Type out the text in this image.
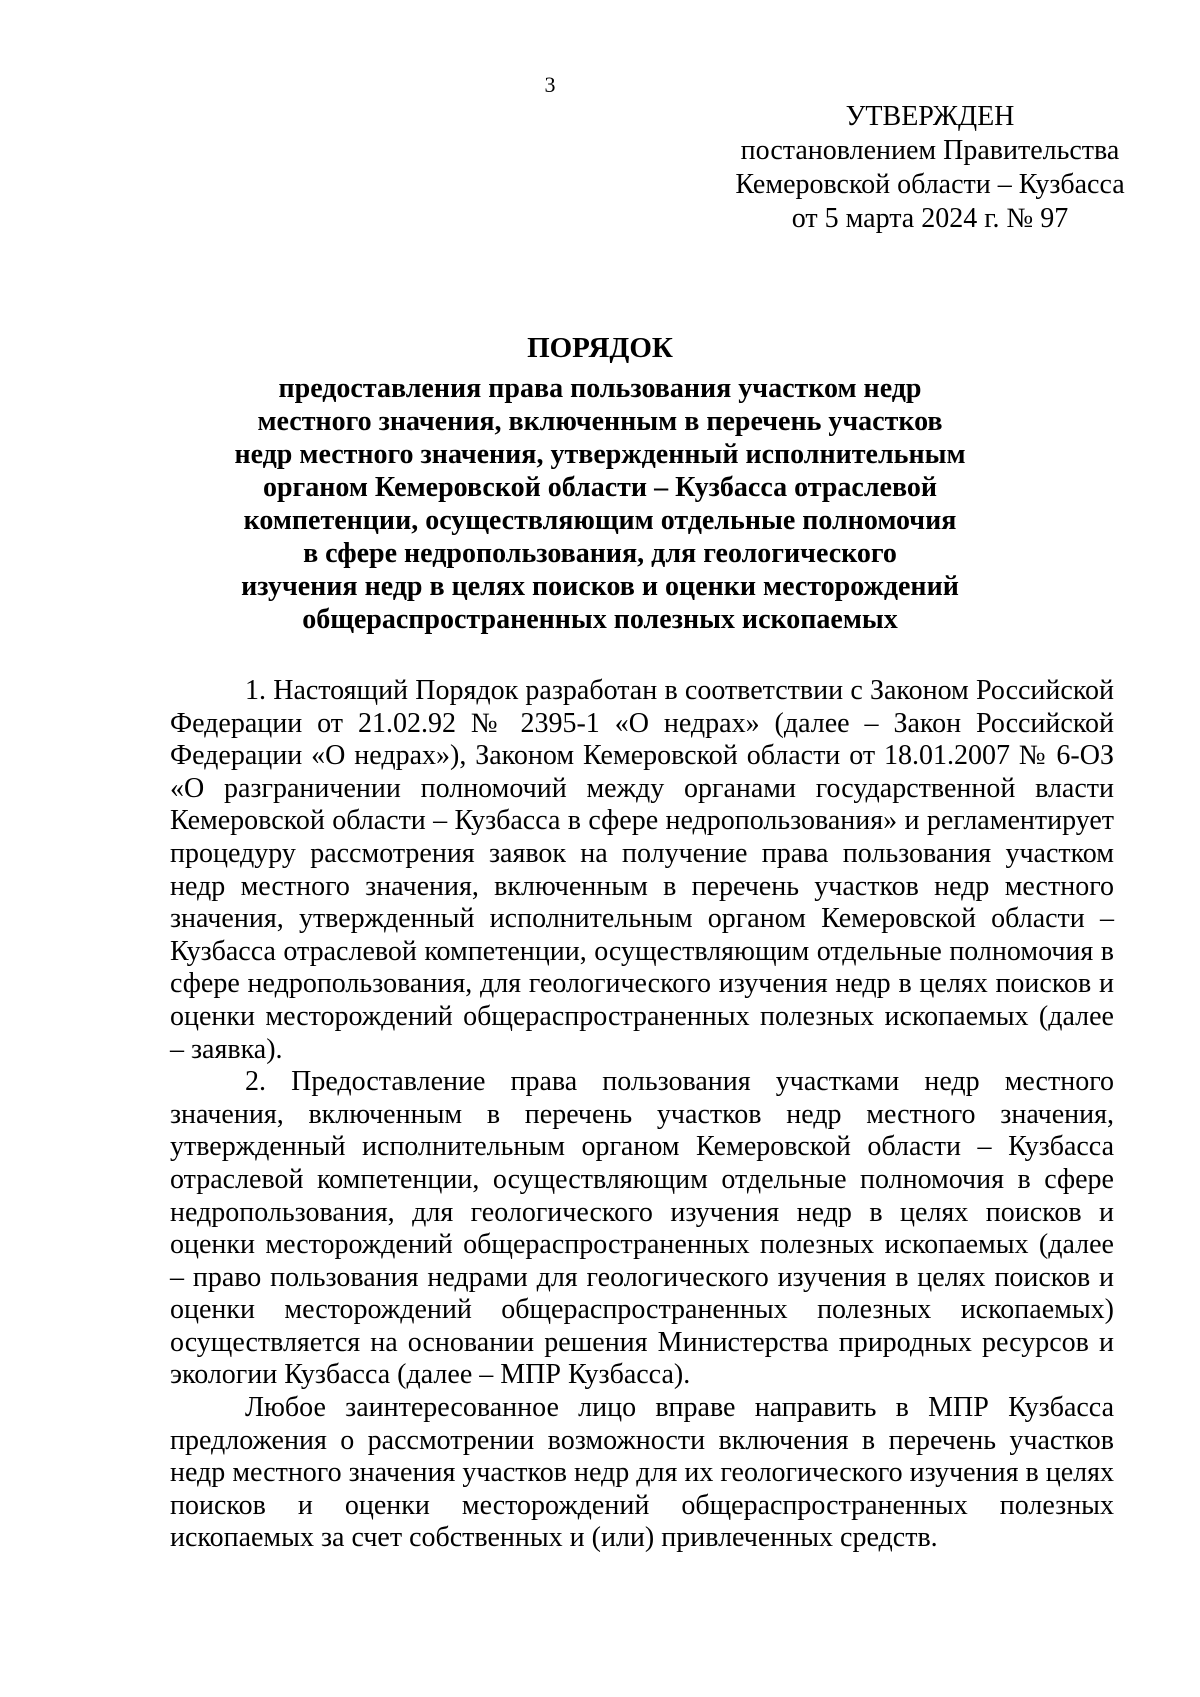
3
УТВЕРЖДЕН
постановлением Правительства
Кемеровской области – Кузбасса
от 5 марта 2024 г. № 97
ПОРЯДОК
предоставления права пользования участком недр
местного значения, включенным в перечень участков
недр местного значения, утвержденный исполнительным
органом Кемеровской области – Кузбасса отраслевой
компетенции, осуществляющим отдельные полномочия
в сфере недропользования, для геологического
изучения недр в целях поисков и оценки месторождений
общераспространенных полезных ископаемых

1. Настоящий Порядок разработан в соответствии с Законом Российской Федерации от 21.02.92 № 2395-1 «О недрах» (далее – Закон Российской Федерации «О недрах»), Законом Кемеровской области от 18.01.2007 № 6-ОЗ «О разграничении полномочий между органами государственной власти Кемеровской области – Кузбасса в сфере недропользования» и регламентирует процедуру рассмотрения заявок на получение права пользования участком недр местного значения, включенным в перечень участков недр местного значения, утвержденный исполнительным органом Кемеровской области – Кузбасса отраслевой компетенции, осуществляющим отдельные полномочия в сфере недропользования, для геологического изучения недр в целях поисков и оценки месторождений общераспространенных полезных ископаемых (далее – заявка).

2. Предоставление права пользования участками недр местного значения, включенным в перечень участков недр местного значения, утвержденный исполнительным органом Кемеровской области – Кузбасса отраслевой компетенции, осуществляющим отдельные полномочия в сфере недропользования, для геологического изучения недр в целях поисков и оценки месторождений общераспространенных полезных ископаемых (далее – право пользования недрами для геологического изучения в целях поисков и оценки месторождений общераспространенных полезных ископаемых) осуществляется на основании решения Министерства природных ресурсов и экологии Кузбасса (далее – МПР Кузбасса).

Любое заинтересованное лицо вправе направить в МПР Кузбасса предложения о рассмотрении возможности включения в перечень участков недр местного значения участков недр для их геологического изучения в целях поисков и оценки месторождений общераспространенных полезных ископаемых за счет собственных и (или) привлеченных средств.
